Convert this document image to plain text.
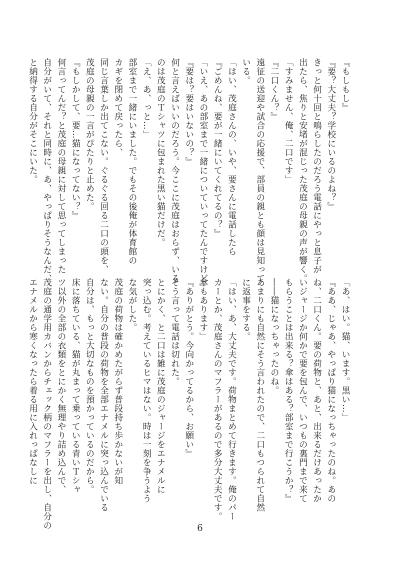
『もしもし』
『要？大丈夫？学校にいるのよね？』
きっと何十回と鳴らしたのだろう電話にやっと息子が
出たら、焦りと安堵が混じった茂庭の母親の声が響く。
「すみません、俺、二口です」
『二口くん？』
遠征の送迎や試合の応援で、部員の親とも顔は見知って
いる。
「はい、茂庭さんの、いや、要さんに電話したら
『ごめんね、要が一緒にいてくれてるの？』
「いえ、あの部室まで一緒についていってたんですけど」
『要は？要はいないの？』
何と言えばいいのだろう。今ここに茂庭はおらず、いる
のは茂庭のＴシャツに包まれた黒い猫だけだ。
「え、あ、っと…」
部室まで一緒にいました。でもその後俺が体育館の
カギを閉めて戻ったら、
同じ言葉しか出てこない。ぐるぐる回る二口の頭を、
茂庭の母親の一言がぴたりと止めた。
『もしかして、要…猫になってない？』
何言ってんだ？と茂庭の母親に対して思ってしまった
自分がいて、それと同時に、あ、やっぱりそうなんだ、
と納得する自分がそこにいた。
「あ、はい。猫、います。黒い…」
『ああ、じゃあ、やっぱり猫になっちゃったのね。あの
ね、二口くん。要の荷物と、あと、出来るだけあったか
いジャージか何かで要を包んで、いつもの裏門まで来て
もらうことは出来る？傘はある？部室まで行こうか？』
――猫になっちゃったのね。
あまりにも自然にそう言われたので、二口もつられて自然
に返事をする。
「はい、あ、大丈夫です。荷物まとめて行きます。俺のパー
カーとか、茂庭さんのマフラーがあるので多分大丈夫です。
傘もあります」
『ありがとう。今向かってるから、お願い』
そう言って電話は切れた。
とにかく、と二口は雑に茂庭のジャージをエナメルに
突っ込む。考えているヒマはない。時は一刻を争うよう
な気がした。
茂庭の荷物は確かめたがらず普段持ち歩かないが知
ない。自分の普段の荷物を全部エナメルに突っ込んでいる
自分は、もっと大切なものを預かっているのだから。
床に落ちている、猫が丸まって乗っている青いＴシャ
ツ以外の全部の衣類をとにかく無理やり詰め込んで、
茂庭の通学用カバンからチェック柄のマフラーを出し、自分の
エナメルから寒くなったら着る用に入れっぱなしに
6
